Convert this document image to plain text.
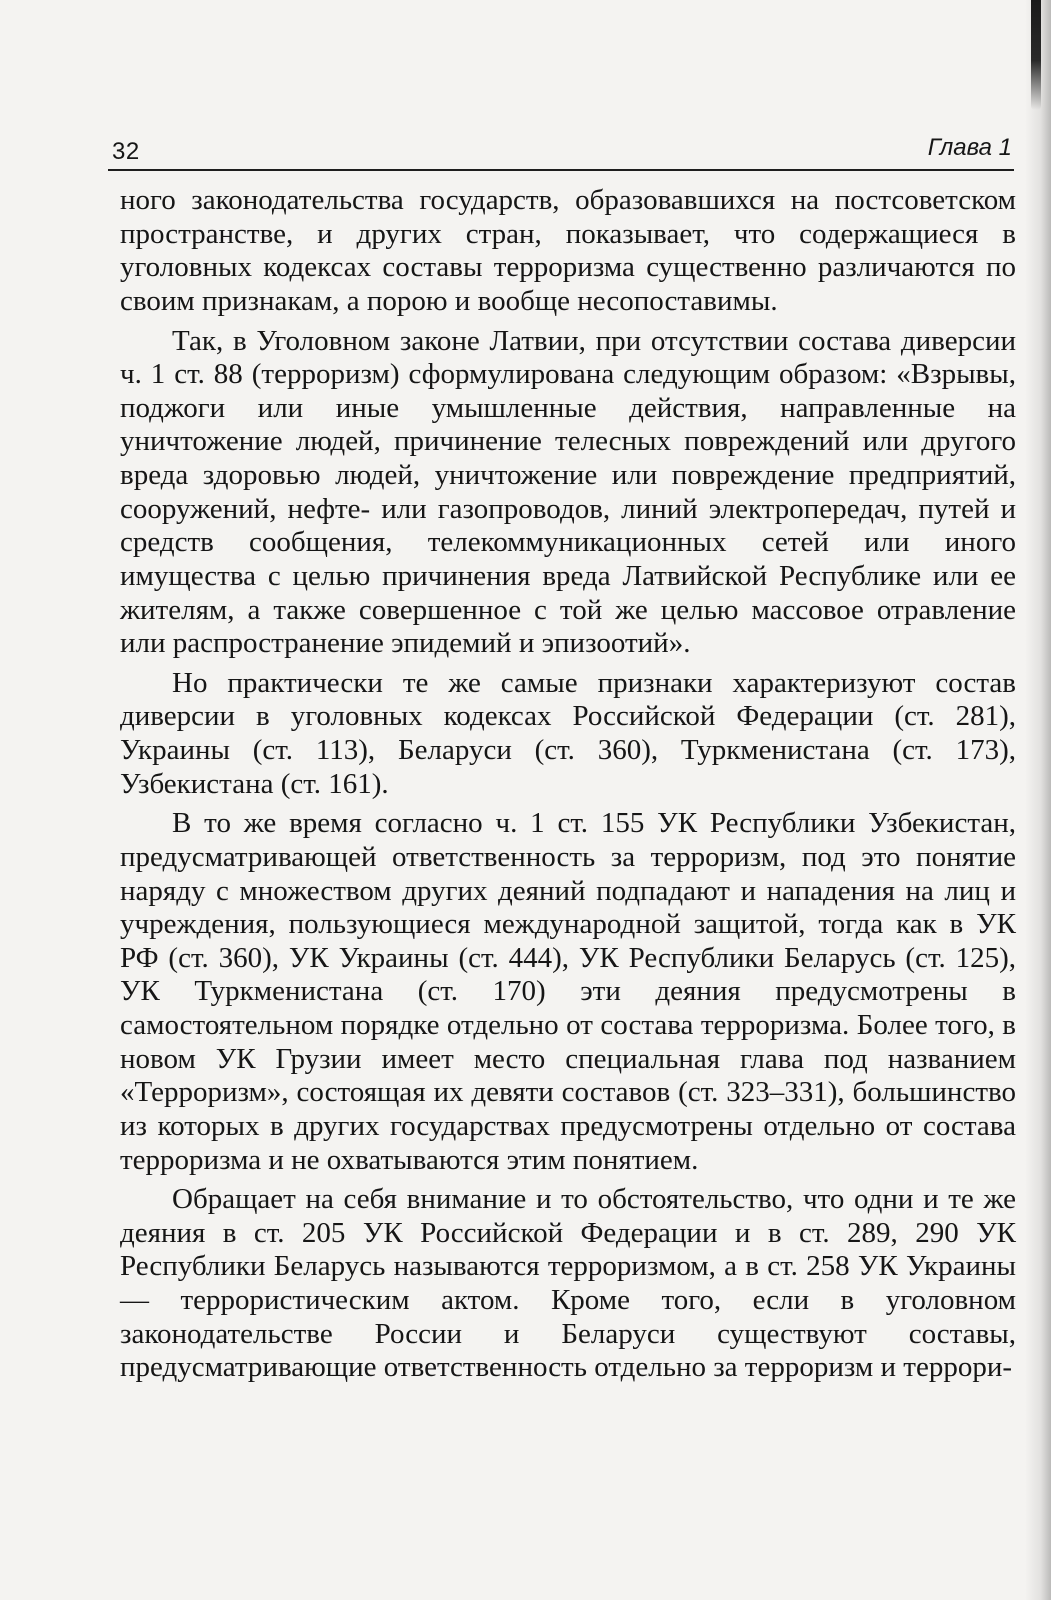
32	Глава 1

ного законодательства государств, образовавшихся на постсоветском пространстве, и других стран, показывает, что содержащиеся в уголовных кодексах составы терроризма существенно различаются по своим признакам, а порою и вообще несопоставимы.

Так, в Уголовном законе Латвии, при отсутствии состава диверсии ч. 1 ст. 88 (терроризм) сформулирована следующим образом: «Взрывы, поджоги или иные умышленные действия, направленные на уничтожение людей, причинение телесных повреждений или другого вреда здоровью людей, уничтожение или повреждение предприятий, сооружений, нефте- или газопроводов, линий электропередач, путей и средств сообщения, телекоммуникационных сетей или иного имущества с целью причинения вреда Латвийской Республике или ее жителям, а также совершенное с той же целью массовое отравление или распространение эпидемий и эпизоотий».

Но практически те же самые признаки характеризуют состав диверсии в уголовных кодексах Российской Федерации (ст. 281), Украины (ст. 113), Беларуси (ст. 360), Туркменистана (ст. 173), Узбекистана (ст. 161).

В то же время согласно ч. 1 ст. 155 УК Республики Узбекистан, предусматривающей ответственность за терроризм, под это понятие наряду с множеством других деяний подпадают и нападения на лиц и учреждения, пользующиеся международной защитой, тогда как в УК РФ (ст. 360), УК Украины (ст. 444), УК Республики Беларусь (ст. 125), УК Туркменистана (ст. 170) эти деяния предусмотрены в самостоятельном порядке отдельно от состава терроризма. Более того, в новом УК Грузии имеет место специальная глава под названием «Терроризм», состоящая их девяти составов (ст. 323–331), большинство из которых в других государствах предусмотрены отдельно от состава терроризма и не охватываются этим понятием.

Обращает на себя внимание и то обстоятельство, что одни и те же деяния в ст. 205 УК Российской Федерации и в ст. 289, 290 УК Республики Беларусь называются терроризмом, а в ст. 258 УК Украины — террористическим актом. Кроме того, если в уголовном законодательстве России и Беларуси существуют составы, предусматривающие ответственность отдельно за терроризм и террори-
